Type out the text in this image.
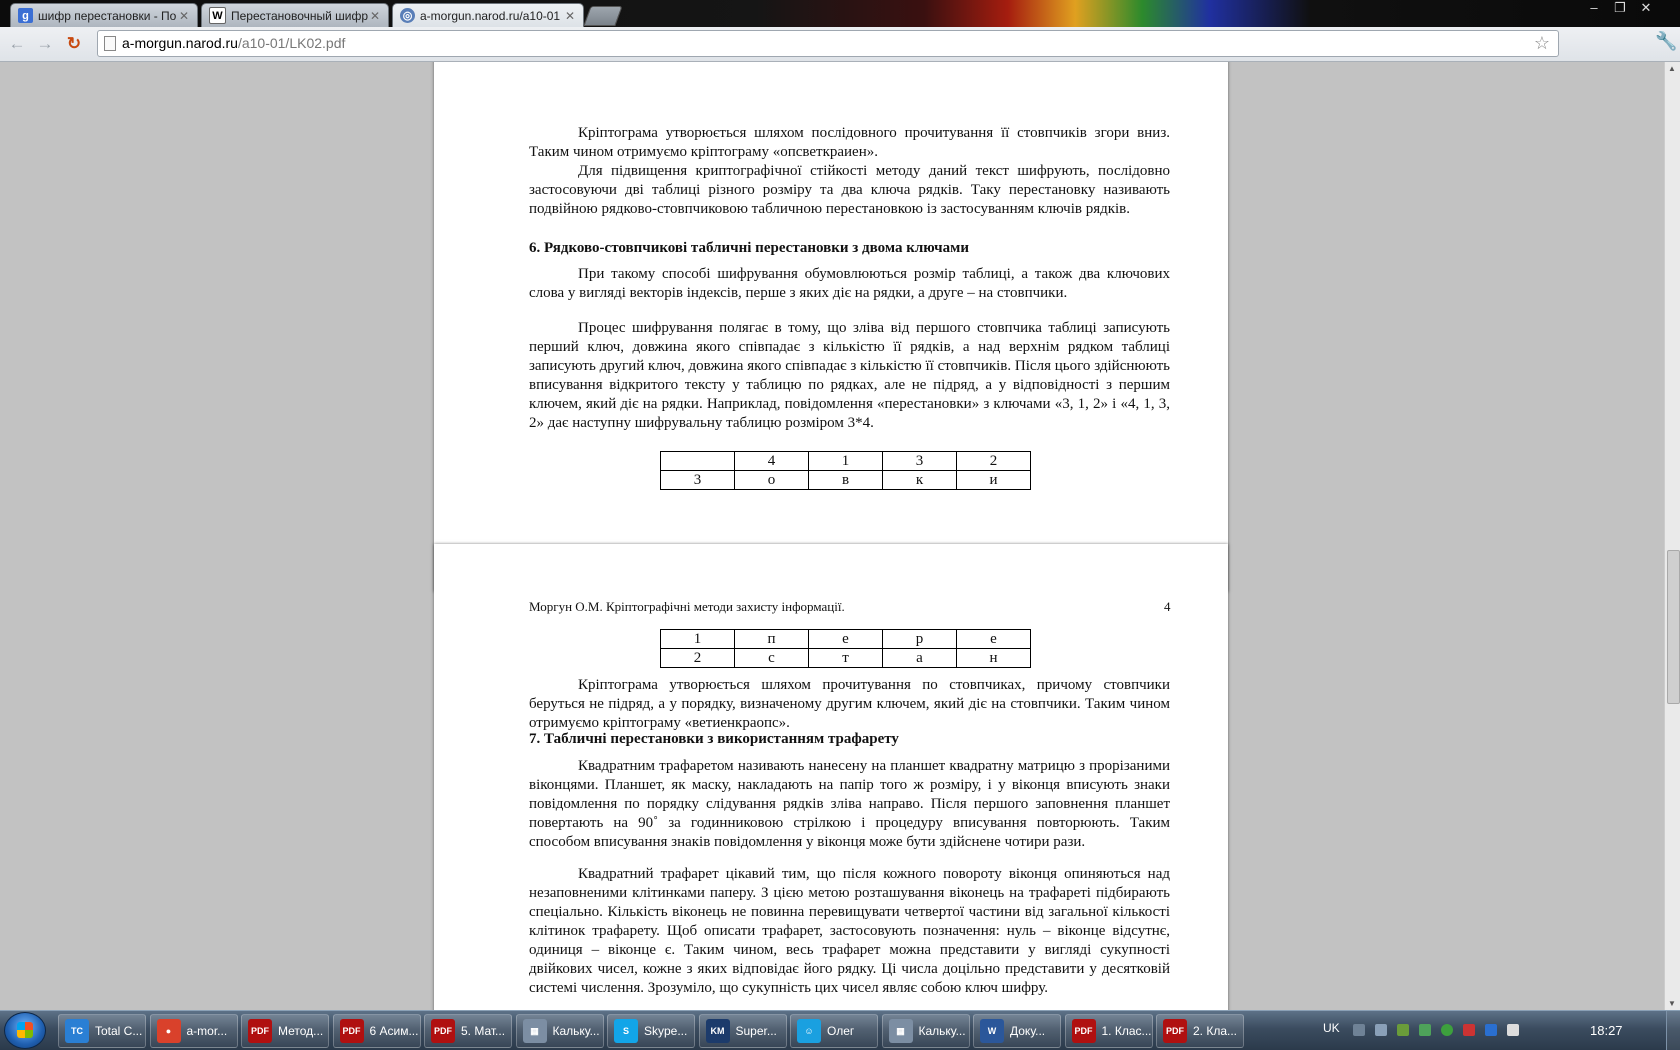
g шифр перестановки - По ✕ W Перестановочный шифр ✕ ◎ a-morgun.narod.ru/a10-01 ✕
–	❐	✕
← → ↻	a-morgun.narod.ru/a10-01/LK02.pdf	☆	🔧

Кріптограма утворюється шляхом послідовного прочитування її стовпчиків згори вниз. Таким чином отримуємо кріптограму «опсветкраиен».

Для підвищення криптографічної стійкості методу даний текст шифрують, послідовно застосовуючи дві таблиці різного розміру та два ключа рядків. Таку перестановку називають подвійною рядково-стовпчиковою табличною перестановкою із застосуванням ключів рядків.

6. Рядково-стовпчикові табличні перестановки з двома ключами

При такому способі шифрування обумовлюються розмір таблиці, а також два ключових слова у вигляді векторів індексів, перше з яких діє на рядки, а друге – на стовпчики.

Процес шифрування полягає в тому, що зліва від першого стовпчика таблиці записують перший ключ, довжина якого співпадає з кількістю її рядків, а над верхнім рядком таблиці записують другий ключ, довжина якого співпадає з кількістю її стовпчиків. Після цього здійснюють вписування відкритого тексту у таблицю по рядках, але не підряд, а у відповідності з першим ключем, який діє на рядки. Наприклад, повідомлення «перестановки» з ключами «3, 1, 2» і «4, 1, 3, 2» дає наступну шифрувальну таблицю розміром 3*4.

	4	1	3	2
3	о	в	к	и
Моргун О.М. Кріптографічні методи захисту інформації.	4
1	п	е	р	е
2	с	т	а	н

Кріптограма утворюється шляхом прочитування по стовпчиках, причому стовпчики беруться не підряд, а у порядку, визначеному другим ключем, який діє на стовпчики. Таким чином отримуємо кріптограму «ветиенкраопс».

7. Табличні перестановки з використанням трафарету

Квадратним трафаретом називають нанесену на планшет квадратну матрицю з прорізаними віконцями. Планшет, як маску, накладають на папір того ж розміру, і у віконця вписують знаки повідомлення по порядку слідування рядків зліва направо. Після першого заповнення планшет повертають на 90˚ за годинниковою стрілкою і процедуру вписування повторюють. Таким способом вписування знаків повідомлення у віконця може бути здійснене чотири рази.

Квадратний трафарет цікавий тим, що після кожного повороту віконця опиняються над незаповненими клітинками паперу. З цією метою розташування віконець на трафареті підбирають спеціально. Кількість віконець не повинна перевищувати четвертої частини від загальної кількості клітинок трафарету. Щоб описати трафарет, застосовують позначення: нуль – віконце відсутнє, одиниця – віконце є. Таким чином, весь трафарет можна представити у вигляді сукупності двійкових чисел, кожне з яких відповідає його рядку. Ці числа доцільно представити у десятковій системі числення. Зрозуміло, що сукупність цих чисел являє собою ключ шифру.

▲
▼
TC	Total C...	●	a-mor...	PDF Метод...	PDF 6 Асим...	PDF 5. Мат...	▦	Кальку...	S	Skype...	KM Super...	☺	Олег	▦	Кальку...	W	Доку...	PDF 1. Клас...	PDF 2. Кла...	UK	18:27
